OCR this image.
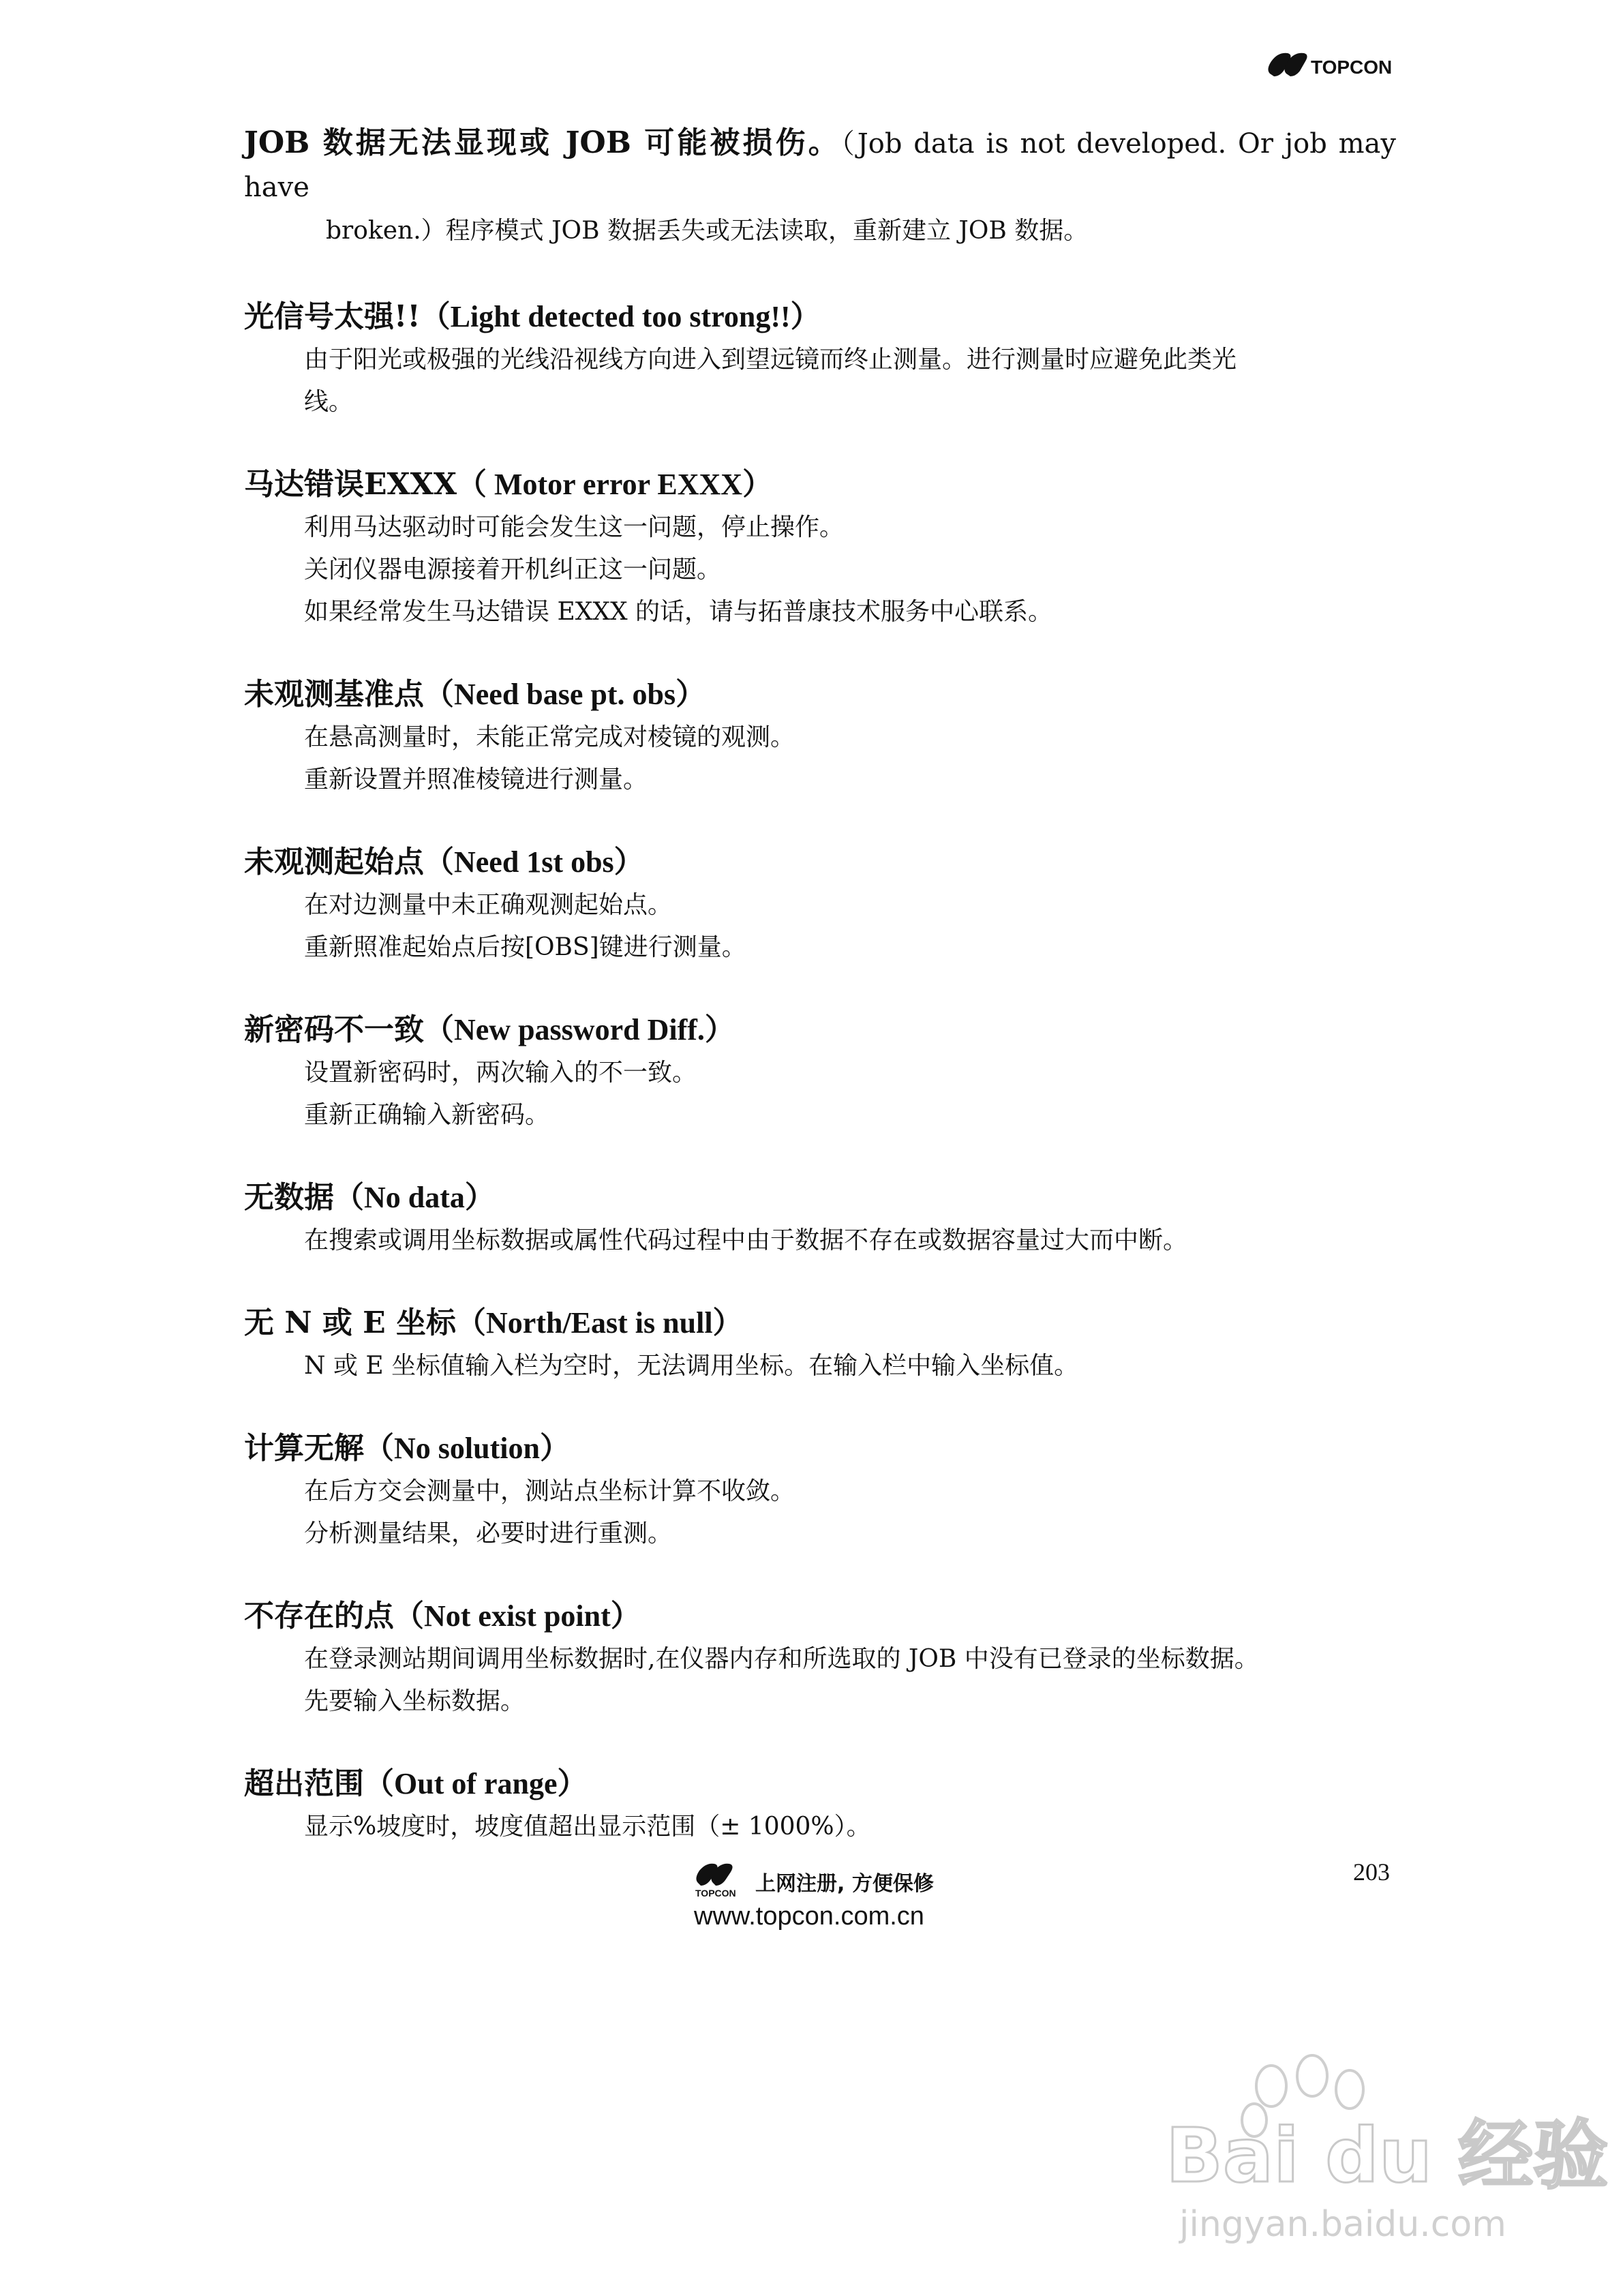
TOPCON

JOB 数据无法显现或 JOB 可能被损伤。（Job data is not developed. Or job may have
broken.）程序模式 JOB 数据丢失或无法读取，重新建立 JOB 数据。

光信号太强!!（Light detected too strong!!）

由于阳光或极强的光线沿视线方向进入到望远镜而终止测量。进行测量时应避免此类光

线。

马达错误EXXX（ Motor error EXXX）

利用马达驱动时可能会发生这一问题，停止操作。

关闭仪器电源接着开机纠正这一问题。

如果经常发生马达错误 EXXX 的话，请与拓普康技术服务中心联系。

未观测基准点（Need base pt. obs）

在悬高测量时，未能正常完成对棱镜的观测。

重新设置并照准棱镜进行测量。

未观测起始点（Need 1st obs）

在对边测量中未正确观测起始点。

重新照准起始点后按[OBS]键进行测量。

新密码不一致（New password Diff.）

设置新密码时，两次输入的不一致。

重新正确输入新密码。

无数据（No data）

在搜索或调用坐标数据或属性代码过程中由于数据不存在或数据容量过大而中断。

无 N 或 E 坐标（North/East is null）

N 或 E 坐标值输入栏为空时，无法调用坐标。在输入栏中输入坐标值。

计算无解（No solution）

在后方交会测量中，测站点坐标计算不收敛。

分析测量结果，必要时进行重测。

不存在的点（Not exist point）

在登录测站期间调用坐标数据时,在仪器内存和所选取的 JOB 中没有已登录的坐标数据。

先要输入坐标数据。

超出范围（Out of range）

显示%坡度时，坡度值超出显示范围（± 1000%）。

203
TOPCON 上网注册, 方便保修
www.topcon.com.cn
Bai du 经验
jingyan.baidu.com
